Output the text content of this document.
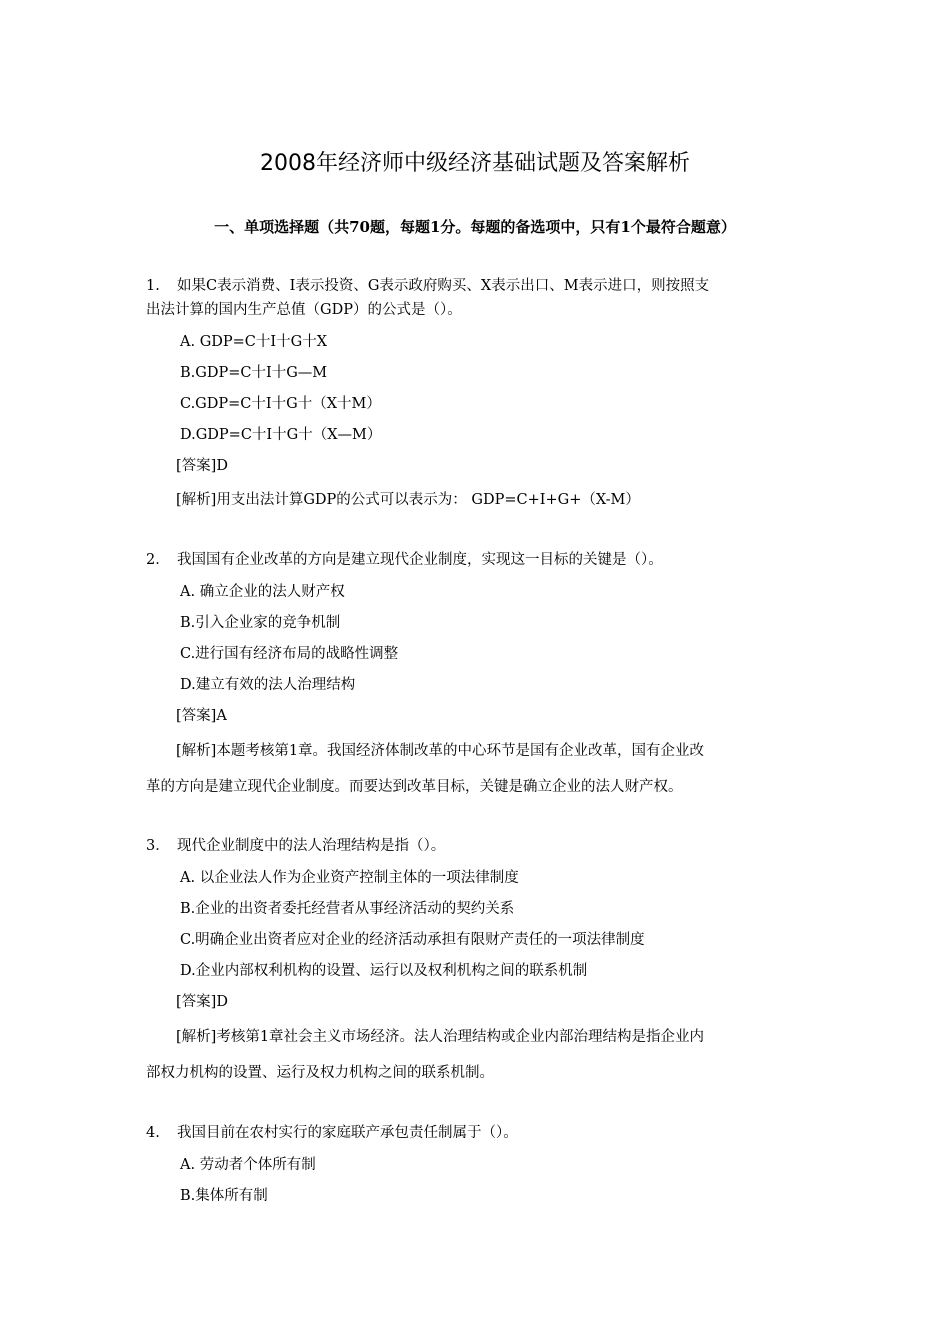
2008年经济师中级经济基础试题及答案解析
一、单项选择题（共70题，每题1分。每题的备选项中，只有1个最符合题意）
1. 如果C表示消费、I表示投资、G表示政府购买、X表示出口、M表示进口，则按照支
出法计算的国内生产总值（GDP）的公式是（）。
A. GDP=C十I十G十X
B.GDP=C十I十G—M
C.GDP=C十I十G十（X十M）
D.GDP=C十I十G十（X—M）
[答案]D
[解析]用支出法计算GDP的公式可以表示为： GDP=C+I+G+（X-M）
2． 我国国有企业改革的方向是建立现代企业制度，实现这一目标的关键是（）。
A. 确立企业的法人财产权
B.引入企业家的竞争机制
C.进行国有经济布局的战略性调整
D.建立有效的法人治理结构
[答案]A
[解析]本题考核第1章。我国经济体制改革的中心环节是国有企业改革，国有企业改
革的方向是建立现代企业制度。而要达到改革目标，关键是确立企业的法人财产权。
3． 现代企业制度中的法人治理结构是指（）。
A. 以企业法人作为企业资产控制主体的一项法律制度
B.企业的出资者委托经营者从事经济活动的契约关系
C.明确企业出资者应对企业的经济活动承担有限财产责任的一项法律制度
D.企业内部权利机构的设置、运行以及权利机构之间的联系机制
[答案]D
[解析]考核第1章社会主义市场经济。法人治理结构或企业内部治理结构是指企业内
部权力机构的设置、运行及权力机构之间的联系机制。
4. 我国目前在农村实行的家庭联产承包责任制属于（）。
A. 劳动者个体所有制
B.集体所有制
